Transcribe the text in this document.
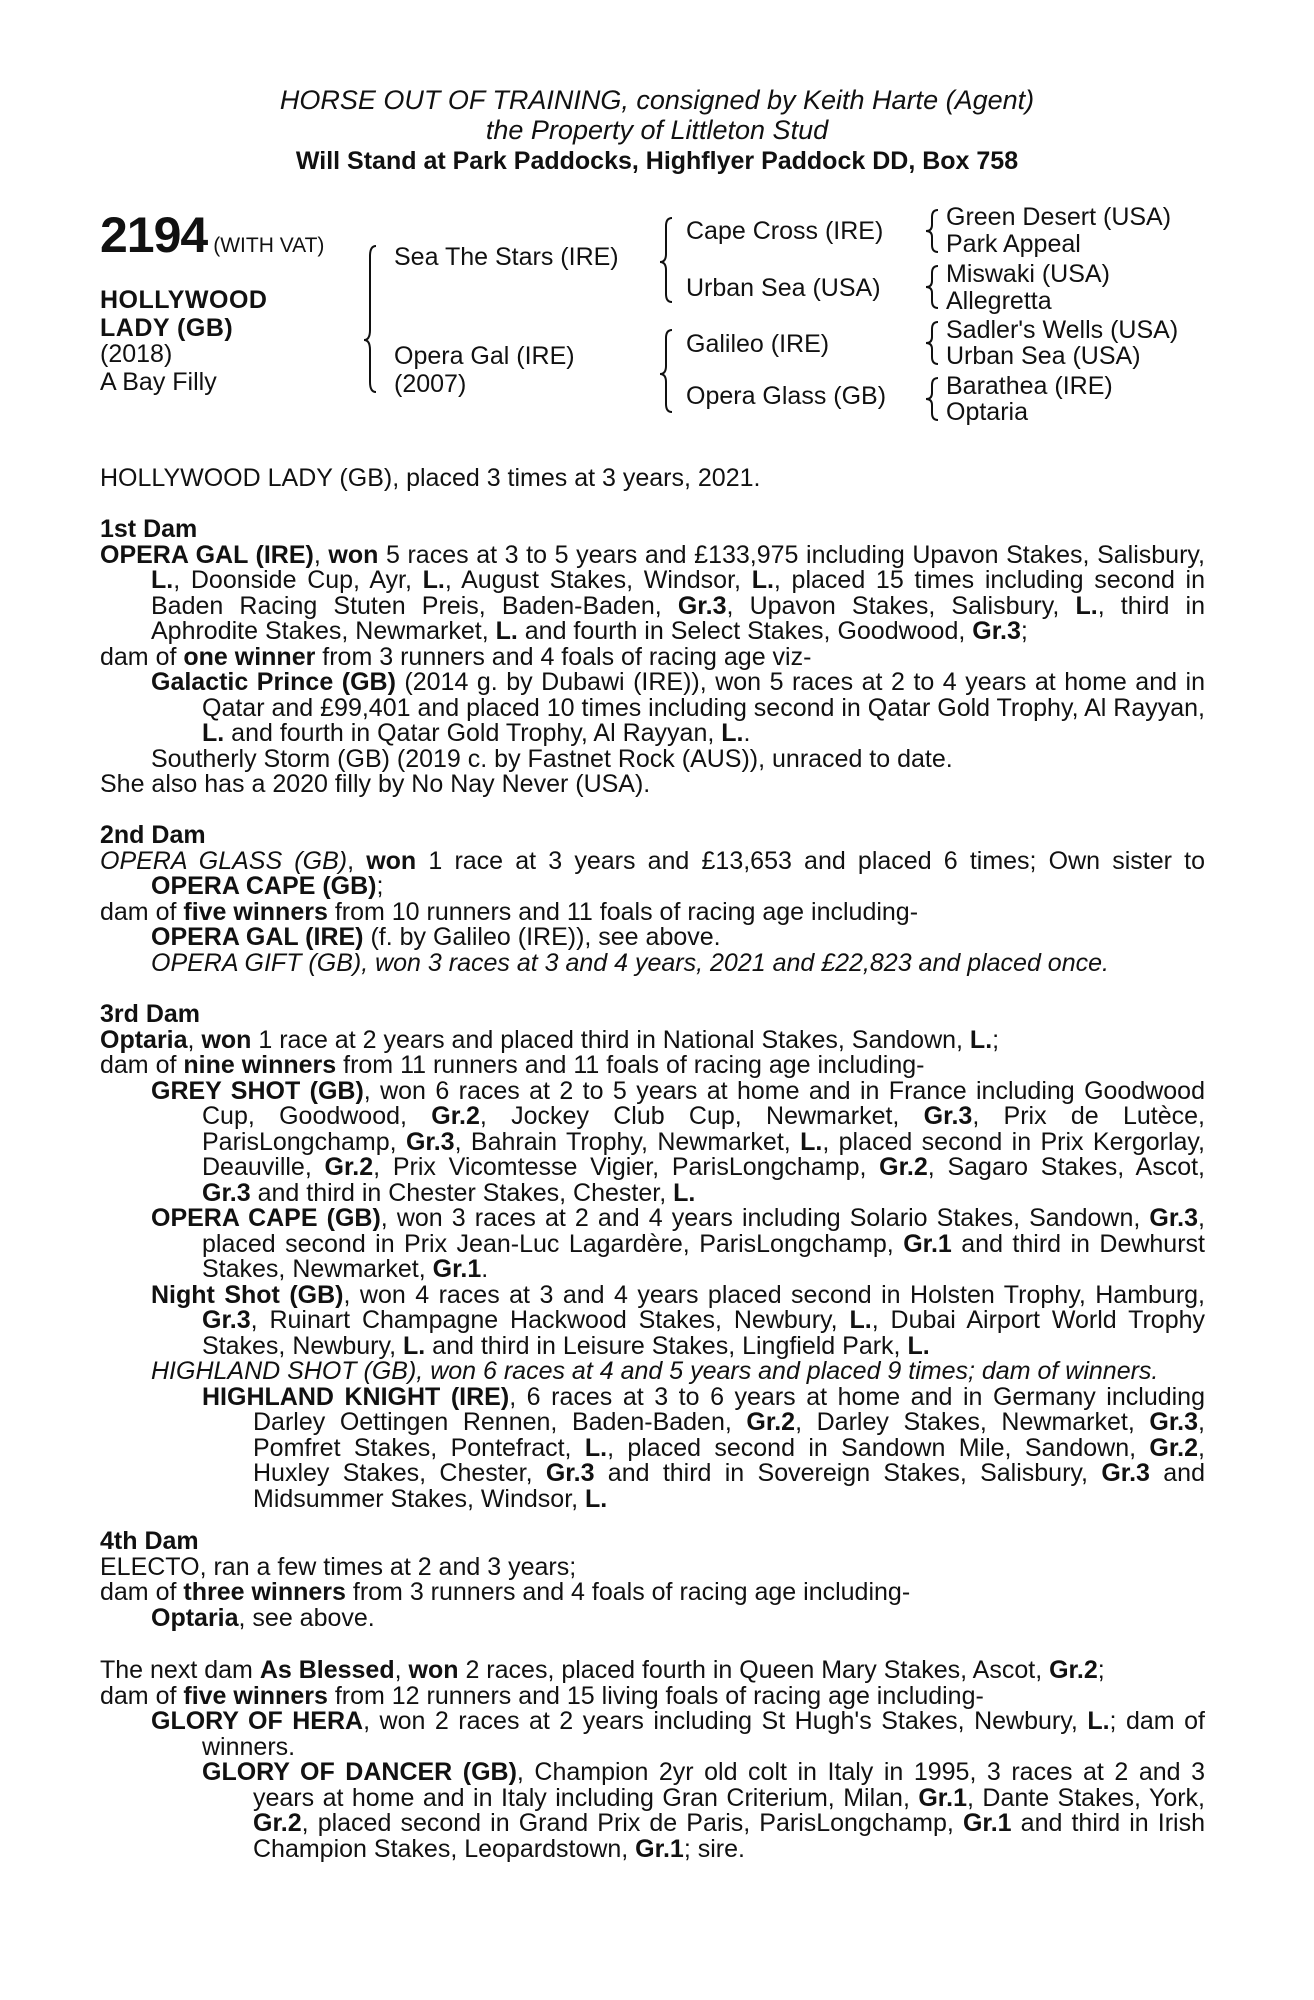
HORSE OUT OF TRAINING, consigned by Keith Harte (Agent)
the Property of Littleton Stud
Will Stand at Park Paddocks, Highflyer Paddock DD, Box 758
2194 (WITH VAT)
HOLLYWOOD
LADY (GB)
(2018)
A Bay Filly
Sea The Stars (IRE)
Opera Gal (IRE)
(2007)
Cape Cross (IRE)
Urban Sea (USA)
Galileo (IRE)
Opera Glass (GB)
Green Desert (USA)
Park Appeal
Miswaki (USA)
Allegretta
Sadler's Wells (USA)
Urban Sea (USA)
Barathea (IRE)
Optaria
HOLLYWOOD LADY (GB), placed 3 times at 3 years, 2021.
1st Dam

OPERA GAL (IRE), won 5 races at 3 to 5 years and £133,975 including Upavon Stakes, Salisbury, L., Doonside Cup, Ayr, L., August Stakes, Windsor, L., placed 15 times including second in Baden Racing Stuten Preis, Baden-Baden, Gr.3, Upavon Stakes, Salisbury, L., third in Aphrodite Stakes, Newmarket, L. and fourth in Select Stakes, Goodwood, Gr.3;

dam of one winner from 3 runners and 4 foals of racing age viz-

Galactic Prince (GB) (2014 g. by Dubawi (IRE)), won 5 races at 2 to 4 years at home and in Qatar and £99,401 and placed 10 times including second in Qatar Gold Trophy, Al Rayyan, L. and fourth in Qatar Gold Trophy, Al Rayyan, L..

Southerly Storm (GB) (2019 c. by Fastnet Rock (AUS)), unraced to date.

She also has a 2020 filly by No Nay Never (USA).

2nd Dam

OPERA GLASS (GB), won 1 race at 3 years and £13,653 and placed 6 times; Own sister to OPERA CAPE (GB);

dam of five winners from 10 runners and 11 foals of racing age including-

OPERA GAL (IRE) (f. by Galileo (IRE)), see above.

OPERA GIFT (GB), won 3 races at 3 and 4 years, 2021 and £22,823 and placed once.

3rd Dam

Optaria, won 1 race at 2 years and placed third in National Stakes, Sandown, L.;

dam of nine winners from 11 runners and 11 foals of racing age including-

GREY SHOT (GB), won 6 races at 2 to 5 years at home and in France including Goodwood Cup, Goodwood, Gr.2, Jockey Club Cup, Newmarket, Gr.3, Prix de Lutèce, ParisLongchamp, Gr.3, Bahrain Trophy, Newmarket, L., placed second in Prix Kergorlay, Deauville, Gr.2, Prix Vicomtesse Vigier, ParisLongchamp, Gr.2, Sagaro Stakes, Ascot, Gr.3 and third in Chester Stakes, Chester, L.

OPERA CAPE (GB), won 3 races at 2 and 4 years including Solario Stakes, Sandown, Gr.3, placed second in Prix Jean-Luc Lagardère, ParisLongchamp, Gr.1 and third in Dewhurst Stakes, Newmarket, Gr.1.

Night Shot (GB), won 4 races at 3 and 4 years placed second in Holsten Trophy, Hamburg, Gr.3, Ruinart Champagne Hackwood Stakes, Newbury, L., Dubai Airport World Trophy Stakes, Newbury, L. and third in Leisure Stakes, Lingfield Park, L.

HIGHLAND SHOT (GB), won 6 races at 4 and 5 years and placed 9 times; dam of winners.

HIGHLAND KNIGHT (IRE), 6 races at 3 to 6 years at home and in Germany including Darley Oettingen Rennen, Baden-Baden, Gr.2, Darley Stakes, Newmarket, Gr.3, Pomfret Stakes, Pontefract, L., placed second in Sandown Mile, Sandown, Gr.2, Huxley Stakes, Chester, Gr.3 and third in Sovereign Stakes, Salisbury, Gr.3 and Midsummer Stakes, Windsor, L.

4th Dam

ELECTO, ran a few times at 2 and 3 years;

dam of three winners from 3 runners and 4 foals of racing age including-

Optaria, see above.

The next dam As Blessed, won 2 races, placed fourth in Queen Mary Stakes, Ascot, Gr.2;

dam of five winners from 12 runners and 15 living foals of racing age including-

GLORY OF HERA, won 2 races at 2 years including St Hugh's Stakes, Newbury, L.; dam of winners.

GLORY OF DANCER (GB), Champion 2yr old colt in Italy in 1995, 3 races at 2 and 3 years at home and in Italy including Gran Criterium, Milan, Gr.1, Dante Stakes, York, Gr.2, placed second in Grand Prix de Paris, ParisLongchamp, Gr.1 and third in Irish Champion Stakes, Leopardstown, Gr.1; sire.
